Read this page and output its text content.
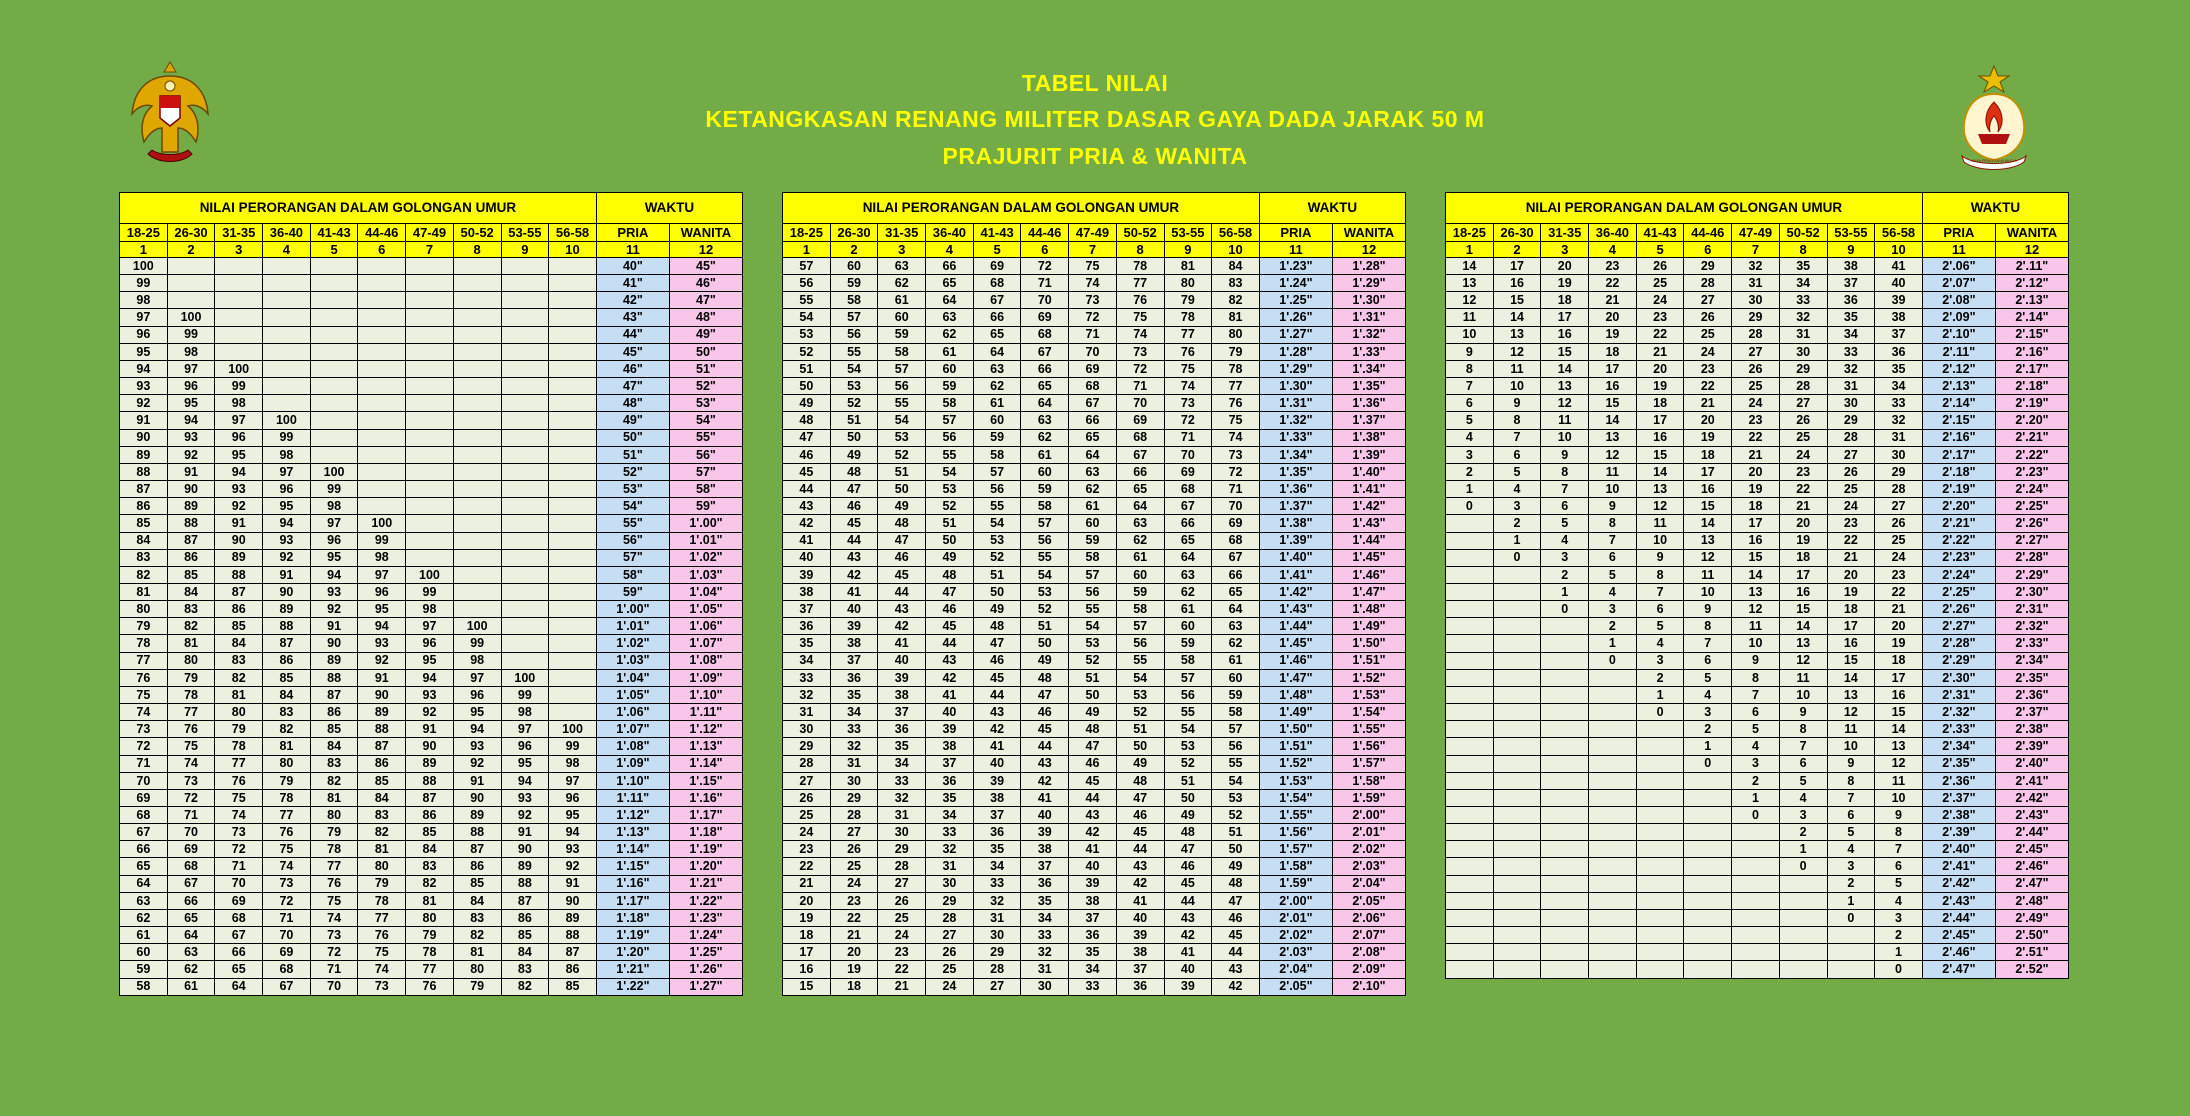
TABEL NILAI
KETANGKASAN RENANG MILITER DASAR GAYA DADA JARAK 50 M
PRAJURIT PRIA & WANITA	JAYA PENGGAYA MUDA
NILAI PERORANGAN DALAM GOLONGAN UMUR										WAKTU	
18-25	26-30	31-35	36-40	41-43	44-46	47-49	50-52	53-55	56-58	PRIA	WANITA
1	2	3	4	5	6	7	8	9	10	11	12
100										40"	45"
99										41"	46"
98										42"	47"
97	100									43"	48"
96	99									44"	49"
95	98									45"	50"
94	97	100								46"	51"
93	96	99								47"	52"
92	95	98								48"	53"
91	94	97	100							49"	54"
90	93	96	99							50"	55"
89	92	95	98							51"	56"
88	91	94	97	100						52"	57"
87	90	93	96	99						53"	58"
86	89	92	95	98						54"	59"
85	88	91	94	97	100					55"	1'.00"
84	87	90	93	96	99					56"	1'.01"
83	86	89	92	95	98					57"	1'.02"
82	85	88	91	94	97	100				58"	1'.03"
81	84	87	90	93	96	99				59"	1'.04"
80	83	86	89	92	95	98				1'.00"	1'.05"
79	82	85	88	91	94	97	100			1'.01"	1'.06"
78	81	84	87	90	93	96	99			1'.02"	1'.07"
77	80	83	86	89	92	95	98			1'.03"	1'.08"
76	79	82	85	88	91	94	97	100		1'.04"	1'.09"
75	78	81	84	87	90	93	96	99		1'.05"	1'.10"
74	77	80	83	86	89	92	95	98		1'.06"	1'.11"
73	76	79	82	85	88	91	94	97	100	1'.07"	1'.12"
72	75	78	81	84	87	90	93	96	99	1'.08"	1'.13"
71	74	77	80	83	86	89	92	95	98	1'.09"	1'.14"
70	73	76	79	82	85	88	91	94	97	1'.10"	1'.15"
69	72	75	78	81	84	87	90	93	96	1'.11"	1'.16"
68	71	74	77	80	83	86	89	92	95	1'.12"	1'.17"
67	70	73	76	79	82	85	88	91	94	1'.13"	1'.18"
66	69	72	75	78	81	84	87	90	93	1'.14"	1'.19"
65	68	71	74	77	80	83	86	89	92	1'.15"	1'.20"
64	67	70	73	76	79	82	85	88	91	1'.16"	1'.21"
63	66	69	72	75	78	81	84	87	90	1'.17"	1'.22"
62	65	68	71	74	77	80	83	86	89	1'.18"	1'.23"
61	64	67	70	73	76	79	82	85	88	1'.19"	1'.24"
60	63	66	69	72	75	78	81	84	87	1'.20"	1'.25"
59	62	65	68	71	74	77	80	83	86	1'.21"	1'.26"
58	61	64	67	70	73	76	79	82	85	1'.22"	1'.27"
NILAI PERORANGAN DALAM GOLONGAN UMUR										WAKTU	
18-25	26-30	31-35	36-40	41-43	44-46	47-49	50-52	53-55	56-58	PRIA	WANITA
1	2	3	4	5	6	7	8	9	10	11	12
57	60	63	66	69	72	75	78	81	84	1'.23"	1'.28"
56	59	62	65	68	71	74	77	80	83	1'.24"	1'.29"
55	58	61	64	67	70	73	76	79	82	1'.25"	1'.30"
54	57	60	63	66	69	72	75	78	81	1'.26"	1'.31"
53	56	59	62	65	68	71	74	77	80	1'.27"	1'.32"
52	55	58	61	64	67	70	73	76	79	1'.28"	1'.33"
51	54	57	60	63	66	69	72	75	78	1'.29"	1'.34"
50	53	56	59	62	65	68	71	74	77	1'.30"	1'.35"
49	52	55	58	61	64	67	70	73	76	1'.31"	1'.36"
48	51	54	57	60	63	66	69	72	75	1'.32"	1'.37"
47	50	53	56	59	62	65	68	71	74	1'.33"	1'.38"
46	49	52	55	58	61	64	67	70	73	1'.34"	1'.39"
45	48	51	54	57	60	63	66	69	72	1'.35"	1'.40"
44	47	50	53	56	59	62	65	68	71	1'.36"	1'.41"
43	46	49	52	55	58	61	64	67	70	1'.37"	1'.42"
42	45	48	51	54	57	60	63	66	69	1'.38"	1'.43"
41	44	47	50	53	56	59	62	65	68	1'.39"	1'.44"
40	43	46	49	52	55	58	61	64	67	1'.40"	1'.45"
39	42	45	48	51	54	57	60	63	66	1'.41"	1'.46"
38	41	44	47	50	53	56	59	62	65	1'.42"	1'.47"
37	40	43	46	49	52	55	58	61	64	1'.43"	1'.48"
36	39	42	45	48	51	54	57	60	63	1'.44"	1'.49"
35	38	41	44	47	50	53	56	59	62	1'.45"	1'.50"
34	37	40	43	46	49	52	55	58	61	1'.46"	1'.51"
33	36	39	42	45	48	51	54	57	60	1'.47"	1'.52"
32	35	38	41	44	47	50	53	56	59	1'.48"	1'.53"
31	34	37	40	43	46	49	52	55	58	1'.49"	1'.54"
30	33	36	39	42	45	48	51	54	57	1'.50"	1'.55"
29	32	35	38	41	44	47	50	53	56	1'.51"	1'.56"
28	31	34	37	40	43	46	49	52	55	1'.52"	1'.57"
27	30	33	36	39	42	45	48	51	54	1'.53"	1'.58"
26	29	32	35	38	41	44	47	50	53	1'.54"	1'.59"
25	28	31	34	37	40	43	46	49	52	1'.55"	2'.00"
24	27	30	33	36	39	42	45	48	51	1'.56"	2'.01"
23	26	29	32	35	38	41	44	47	50	1'.57"	2'.02"
22	25	28	31	34	37	40	43	46	49	1'.58"	2'.03"
21	24	27	30	33	36	39	42	45	48	1'.59"	2'.04"
20	23	26	29	32	35	38	41	44	47	2'.00"	2'.05"
19	22	25	28	31	34	37	40	43	46	2'.01"	2'.06"
18	21	24	27	30	33	36	39	42	45	2'.02"	2'.07"
17	20	23	26	29	32	35	38	41	44	2'.03"	2'.08"
16	19	22	25	28	31	34	37	40	43	2'.04"	2'.09"
15	18	21	24	27	30	33	36	39	42	2'.05"	2'.10"
NILAI PERORANGAN DALAM GOLONGAN UMUR										WAKTU	
18-25	26-30	31-35	36-40	41-43	44-46	47-49	50-52	53-55	56-58	PRIA	WANITA
1	2	3	4	5	6	7	8	9	10	11	12
14	17	20	23	26	29	32	35	38	41	2'.06"	2'.11"
13	16	19	22	25	28	31	34	37	40	2'.07"	2'.12"
12	15	18	21	24	27	30	33	36	39	2'.08"	2'.13"
11	14	17	20	23	26	29	32	35	38	2'.09"	2'.14"
10	13	16	19	22	25	28	31	34	37	2'.10"	2'.15"
9	12	15	18	21	24	27	30	33	36	2'.11"	2'.16"
8	11	14	17	20	23	26	29	32	35	2'.12"	2'.17"
7	10	13	16	19	22	25	28	31	34	2'.13"	2'.18"
6	9	12	15	18	21	24	27	30	33	2'.14"	2'.19"
5	8	11	14	17	20	23	26	29	32	2'.15"	2'.20"
4	7	10	13	16	19	22	25	28	31	2'.16"	2'.21"
3	6	9	12	15	18	21	24	27	30	2'.17"	2'.22"
2	5	8	11	14	17	20	23	26	29	2'.18"	2'.23"
1	4	7	10	13	16	19	22	25	28	2'.19"	2'.24"
0	3	6	9	12	15	18	21	24	27	2'.20"	2'.25"
	2	5	8	11	14	17	20	23	26	2'.21"	2'.26"
	1	4	7	10	13	16	19	22	25	2'.22"	2'.27"
	0	3	6	9	12	15	18	21	24	2'.23"	2'.28"
		2	5	8	11	14	17	20	23	2'.24"	2'.29"
		1	4	7	10	13	16	19	22	2'.25"	2'.30"
		0	3	6	9	12	15	18	21	2'.26"	2'.31"
			2	5	8	11	14	17	20	2'.27"	2'.32"
			1	4	7	10	13	16	19	2'.28"	2'.33"
			0	3	6	9	12	15	18	2'.29"	2'.34"
				2	5	8	11	14	17	2'.30"	2'.35"
				1	4	7	10	13	16	2'.31"	2'.36"
				0	3	6	9	12	15	2'.32"	2'.37"
					2	5	8	11	14	2'.33"	2'.38"
					1	4	7	10	13	2'.34"	2'.39"
					0	3	6	9	12	2'.35"	2'.40"
						2	5	8	11	2'.36"	2'.41"
						1	4	7	10	2'.37"	2'.42"
						0	3	6	9	2'.38"	2'.43"
							2	5	8	2'.39"	2'.44"
							1	4	7	2'.40"	2'.45"
							0	3	6	2'.41"	2'.46"
								2	5	2'.42"	2'.47"
								1	4	2'.43"	2'.48"
								0	3	2'.44"	2'.49"
									2	2'.45"	2'.50"
									1	2'.46"	2'.51"
									0	2'.47"	2'.52"
